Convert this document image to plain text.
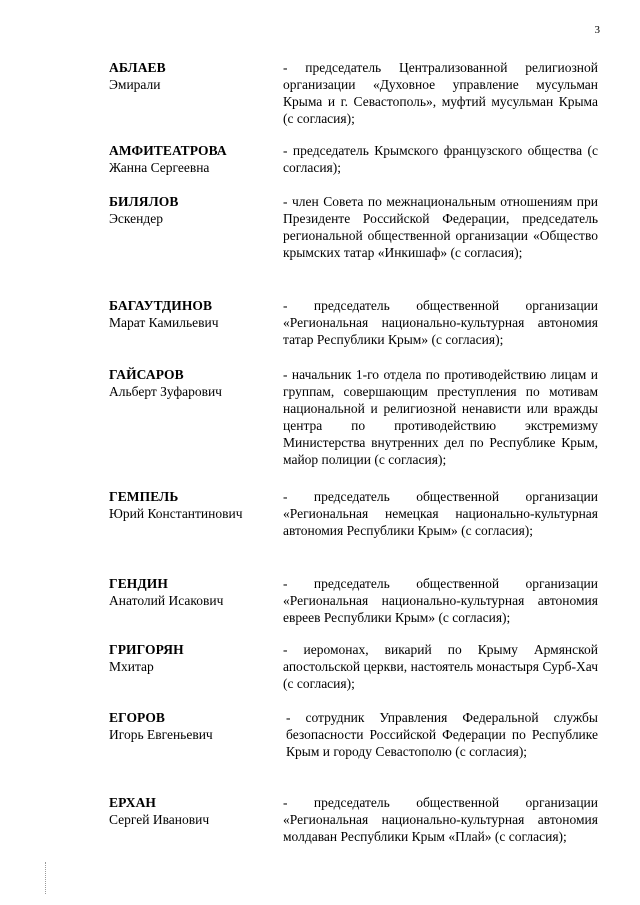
3
АБЛАЕВ
Эмирали
- председатель Централизованной религиозной организации «Духовное управление мусульман Крыма и г. Севастополь», муфтий мусульман Крыма (с согласия);
АМФИТЕАТРОВА
Жанна Сергеевна
- председатель Крымского французского общества (с согласия);
БИЛЯЛОВ
Эскендер
- член Совета по межнациональным отношениям при Президенте Российской Федерации, председатель региональной общественной организации «Общество крымских татар «Инкишаф» (с согласия);
БАГАУТДИНОВ
Марат Камильевич
- председатель общественной организации «Региональная национально-культурная автономия татар Республики Крым» (с согласия);
ГАЙСАРОВ
Альберт Зуфарович
- начальник 1-го отдела по противодействию лицам и группам, совершающим преступления по мотивам национальной и религиозной ненависти или вражды центра по противодействию экстремизму Министерства внутренних дел по Республике Крым, майор полиции (с согласия);
ГЕМПЕЛЬ
Юрий Константинович
- председатель общественной организации «Региональная немецкая национально-культурная автономия Республики Крым» (с согласия);
ГЕНДИН
Анатолий Исакович
- председатель общественной организации «Региональная национально-культурная автономия евреев Республики Крым» (с согласия);
ГРИГОРЯН
Мхитар
- иеромонах, викарий по Крыму Армянской апостольской церкви, настоятель монастыря Сурб-Хач (с согласия);
ЕГОРОВ
Игорь Евгеньевич
- сотрудник Управления Федеральной службы безопасности Российской Федерации по Республике Крым и городу Севастополю (с согласия);
ЕРХАН
Сергей Иванович
- председатель общественной организации «Региональная национально-культурная автономия молдаван Республики Крым «Плай» (с согласия);
